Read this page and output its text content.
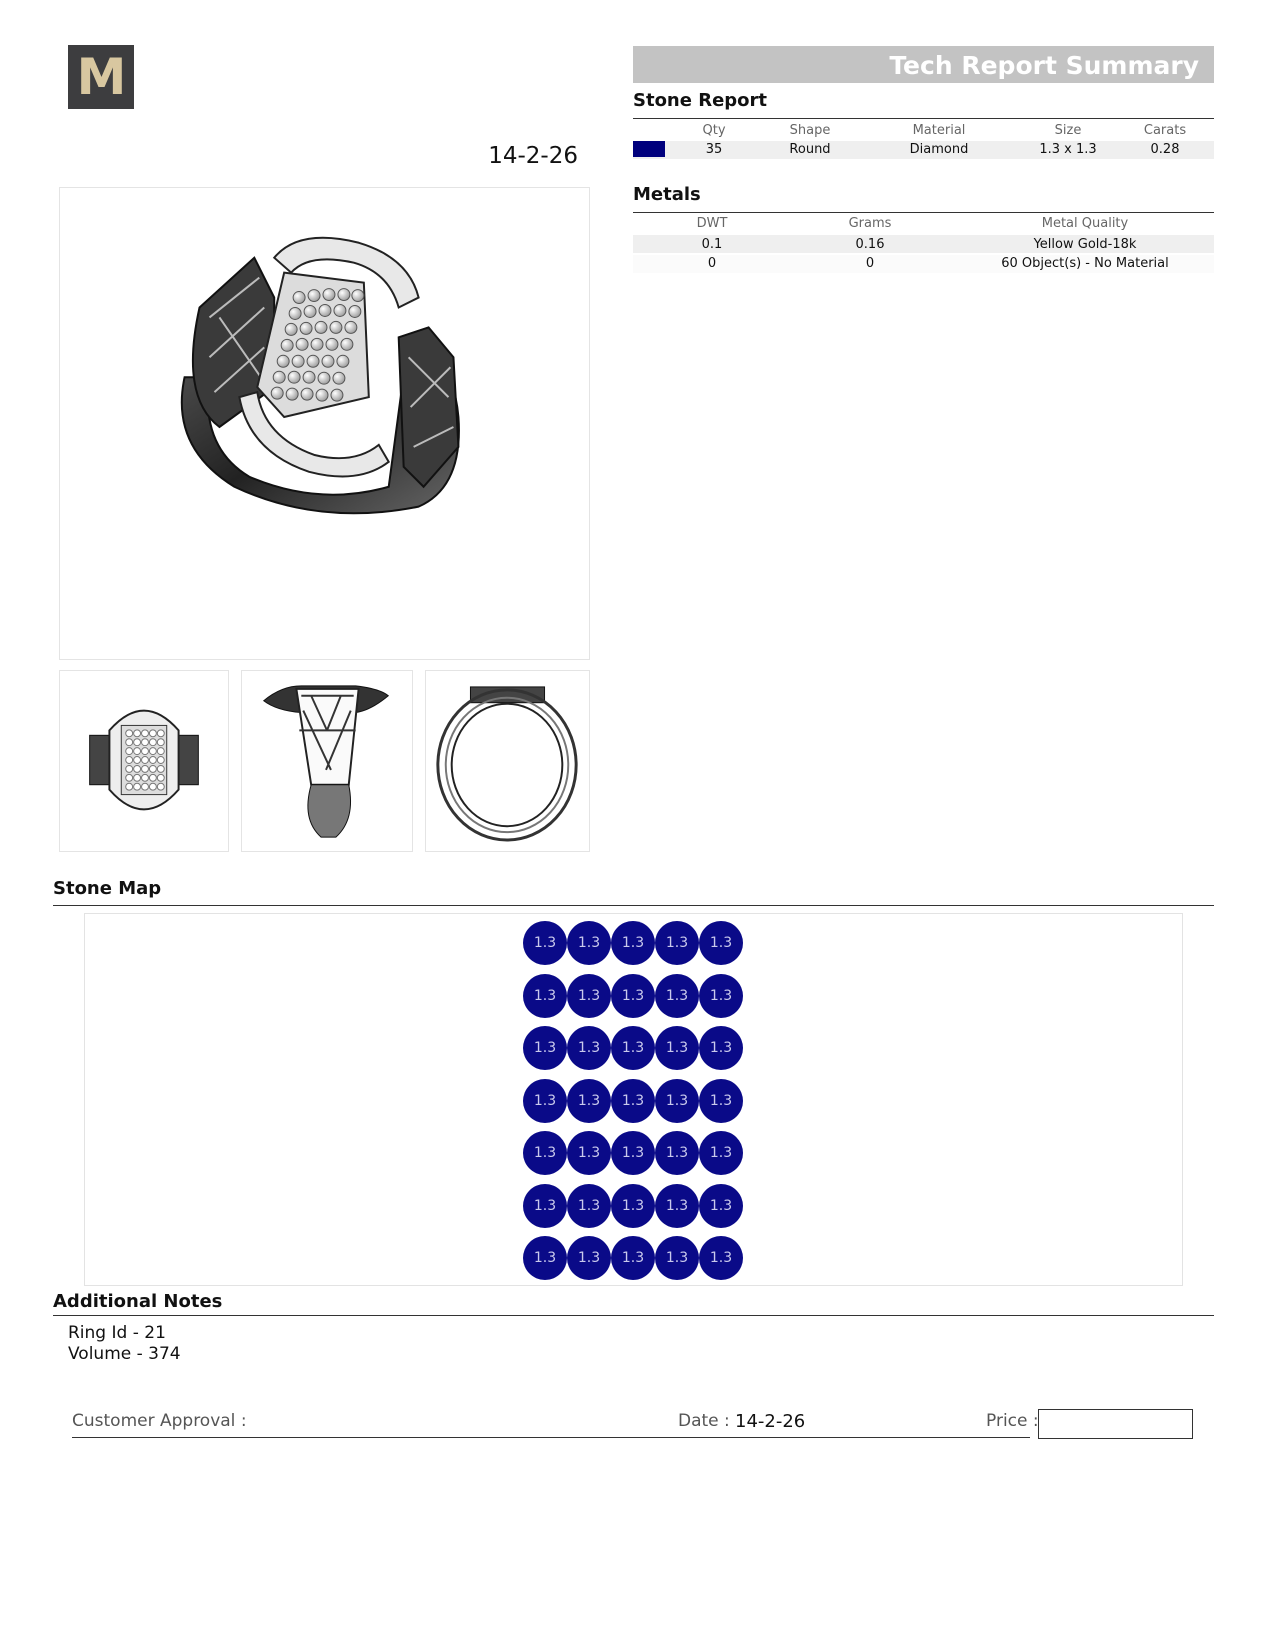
M
14-2-26
Tech Report Summary
Stone Report
Qty	Shape	Material	Size	Carats
35	Round	Diamond	1.3 x 1.3	0.28
Metals
DWT	Grams	Metal Quality
0.1	0.16	Yellow Gold-18k
0	0	60 Object(s) - No Material
Stone Map
1.3	1.3	1.3	1.3	1.3
1.3	1.3	1.3	1.3	1.3
1.3	1.3	1.3	1.3	1.3
1.3	1.3	1.3	1.3	1.3
1.3	1.3	1.3	1.3	1.3
1.3	1.3	1.3	1.3	1.3
1.3	1.3	1.3	1.3	1.3
Additional Notes
Ring Id - 21
Volume - 374
Customer Approval :	Date : 14-2-26	Price :
